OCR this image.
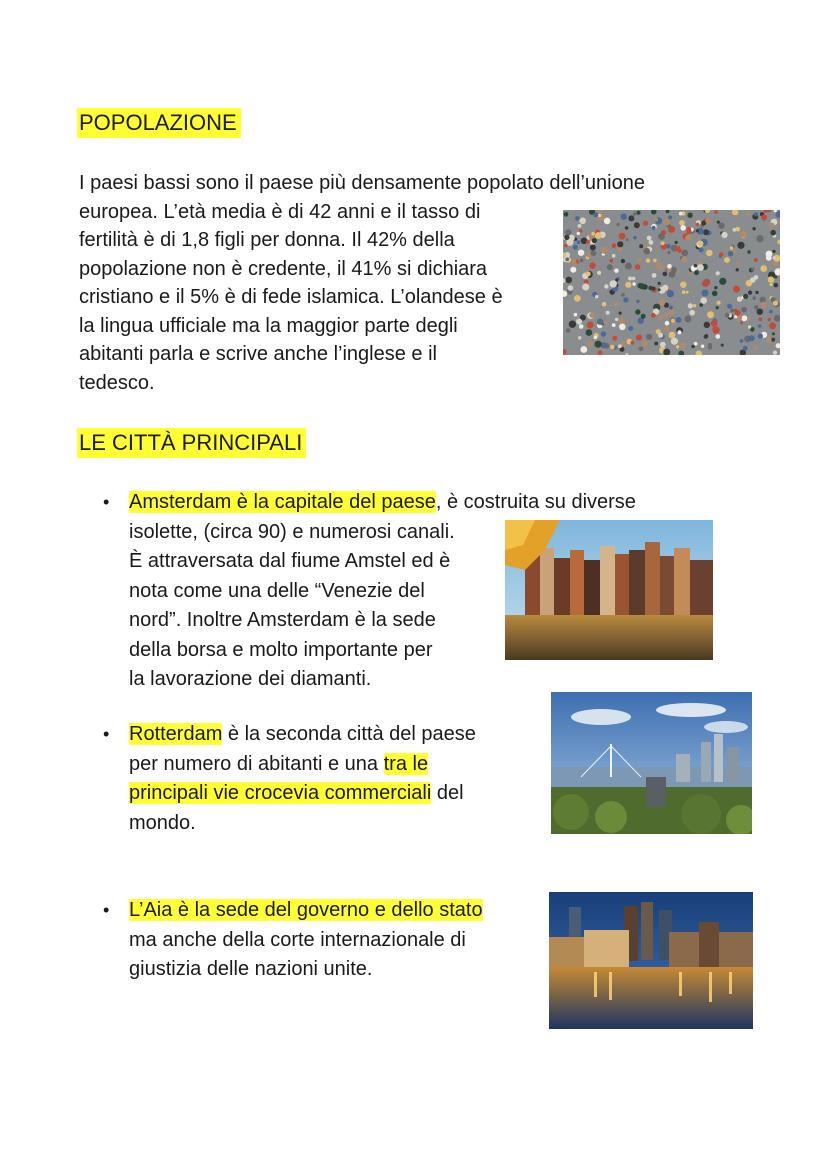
POPOLAZIONE
I paesi bassi sono il paese più densamente popolato dell’unione
europea. L’età media è di 42 anni e il tasso di
fertilità è di 1,8 figli per donna. Il 42% della
popolazione non è credente, il 41% si dichiara
cristiano e il 5% è di fede islamica. L’olandese è
la lingua ufficiale ma la maggior parte degli
abitanti parla e scrive anche l’inglese e il
tedesco.
LE CITTÀ PRINCIPALI
• Amsterdam è la capitale del paese, è costruita su diverse
isolette, (circa 90) e numerosi canali.
È attraversata dal fiume Amstel ed è
nota come una delle “Venezie del
nord”. Inoltre Amsterdam è la sede
della borsa e molto importante per
la lavorazione dei diamanti.
• Rotterdam è la seconda città del paese
per numero di abitanti e una tra le
principali vie crocevia commerciali del
mondo.
• L’Aia è la sede del governo e dello stato
ma anche della corte internazionale di
giustizia delle nazioni unite.
